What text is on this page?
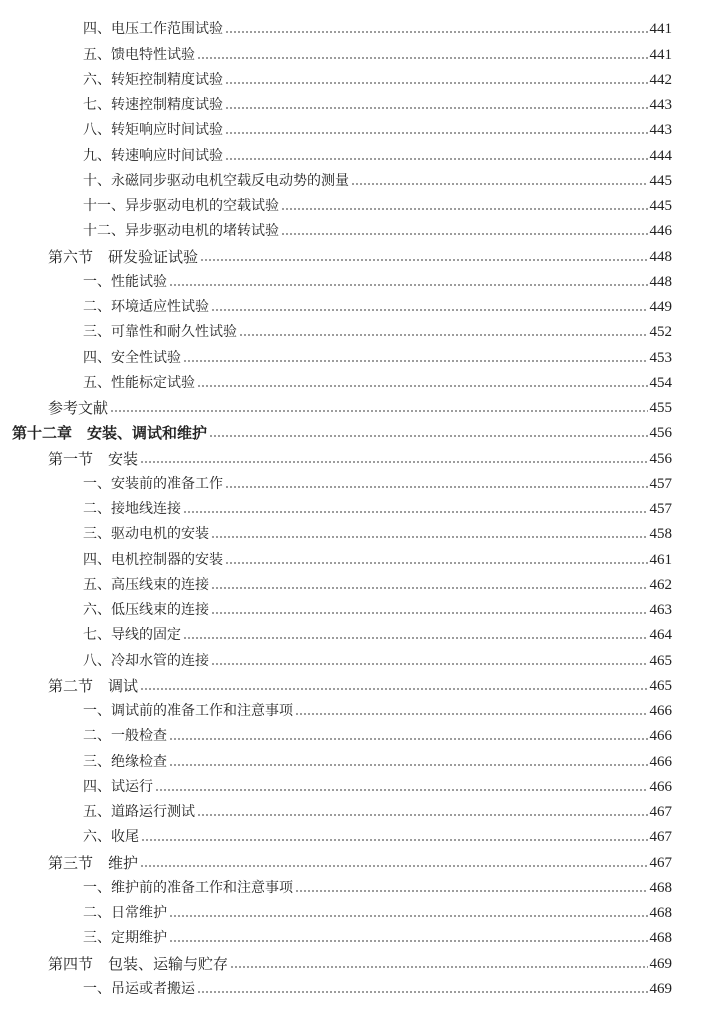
四、电压工作范围试验	441
五、馈电特性试验	441
六、转矩控制精度试验	442
七、转速控制精度试验	443
八、转矩响应时间试验	443
九、转速响应时间试验	444
十、永磁同步驱动电机空载反电动势的测量	445
十一、异步驱动电机的空载试验	445
十二、异步驱动电机的堵转试验	446
第六节　研发验证试验	448
一、性能试验	448
二、环境适应性试验	449
三、可靠性和耐久性试验	452
四、安全性试验	453
五、性能标定试验	454
参考文献	455
第十二章　安装、调试和维护	456
第一节　安装	456
一、安装前的准备工作	457
二、接地线连接	457
三、驱动电机的安装	458
四、电机控制器的安装	461
五、高压线束的连接	462
六、低压线束的连接	463
七、导线的固定	464
八、冷却水管的连接	465
第二节　调试	465
一、调试前的准备工作和注意事项	466
二、一般检查	466
三、绝缘检查	466
四、试运行	466
五、道路运行测试	467
六、收尾	467
第三节　维护	467
一、维护前的准备工作和注意事项	468
二、日常维护	468
三、定期维护	468
第四节　包装、运输与贮存	469
一、吊运或者搬运	469
